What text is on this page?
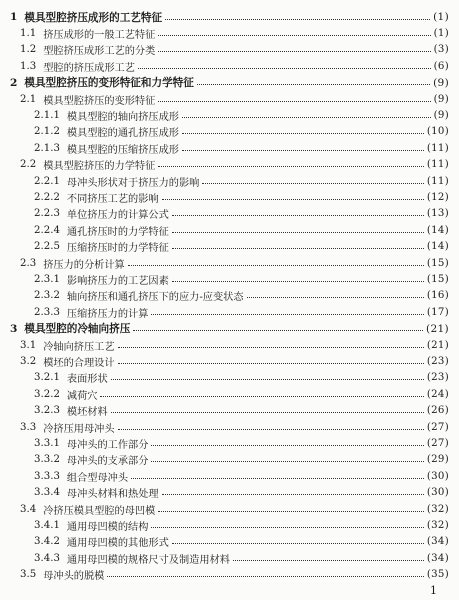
1 模具型腔挤压成形的工艺特征	(1)
1.1 挤压成形的一般工艺特征	(1)
1.2 型腔挤压成形工艺的分类	(3)
1.3 型腔的挤压成形工艺	(6)
2 模具型腔挤压的变形特征和力学特征	(9)
2.1 模具型腔挤压的变形特征	(9)
2.1.1 模具型腔的轴向挤压成形	(9)
2.1.2 模具型腔的通孔挤压成形	(10)
2.1.3 模具型腔的压缩挤压成形	(11)
2.2 模具型腔挤压的力学特征	(11)
2.2.1 母冲头形状对于挤压力的影响	(11)
2.2.2 不同挤压工艺的影响	(12)
2.2.3 单位挤压力的计算公式	(13)
2.2.4 通孔挤压时的力学特征	(14)
2.2.5 压缩挤压时的力学特征	(14)
2.3 挤压力的分析计算	(15)
2.3.1 影响挤压力的工艺因素	(15)
2.3.2 轴向挤压和通孔挤压下的应力-应变状态	(16)
2.3.3 压缩挤压力的计算	(17)
3 模具型腔的冷轴向挤压	(21)
3.1 冷轴向挤压工艺	(21)
3.2 模坯的合理设计	(23)
3.2.1 表面形状	(23)
3.2.2 减荷穴	(24)
3.2.3 模坯材料	(26)
3.3 冷挤压用母冲头	(27)
3.3.1 母冲头的工作部分	(27)
3.3.2 母冲头的支承部分	(29)
3.3.3 组合型母冲头	(30)
3.3.4 母冲头材料和热处理	(30)
3.4 冷挤压模具型腔的母凹模	(32)
3.4.1 通用母凹模的结构	(32)
3.4.2 通用母凹模的其他形式	(34)
3.4.3 通用母凹模的规格尺寸及制造用材料	(34)
3.5 母冲头的脱模	(35)
1
